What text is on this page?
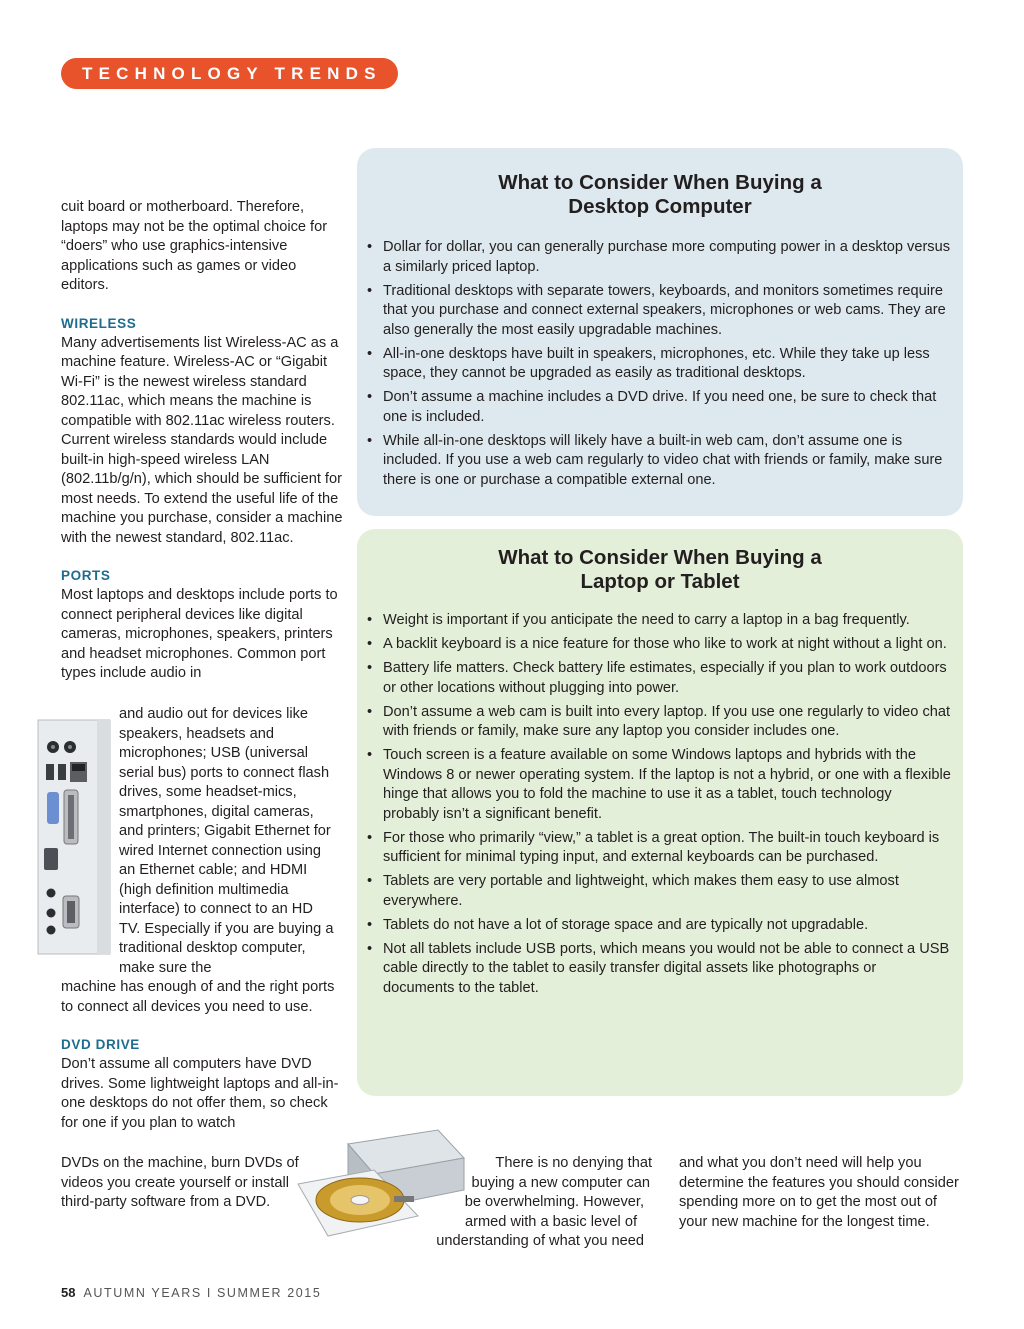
TECHNOLOGY TRENDS

cuit board or motherboard. Therefore, laptops may not be the optimal choice for “doers” who use graphics-intensive applications such as games or video editors.

WIRELESS

Many advertisements list Wireless-AC as a machine feature. Wireless-AC or “Gigabit Wi-Fi” is the newest wireless standard 802.11ac, which means the machine is compatible with 802.11ac wireless routers. Current wireless standards would include built-in high-speed wireless LAN (802.11b/g/n), which should be sufficient for most needs. To extend the useful life of the machine you purchase, consider a machine with the newest standard, 802.11ac.

PORTS

Most laptops and desktops include ports to connect peripheral devices like digital cameras, microphones, speakers, printers and headset microphones. Common port types include audio in

and audio out for devices like speakers, headsets and microphones; USB (universal serial bus) ports to connect flash drives, some headset-mics, smartphones, digital cameras, and printers; Gigabit Ethernet for wired Internet connection using an Ethernet cable; and HDMI (high definition multimedia interface) to connect to an HD TV. Especially if you are buying a traditional desktop computer, make sure the

machine has enough of and the right ports to connect all devices you need to use.

DVD DRIVE

Don’t assume all computers have DVD drives. Some lightweight laptops and all-in-one desktops do not offer them, so check for one if you plan to watch

DVDs on the machine, burn DVDs of videos you create yourself or install third-party software from a DVD.
What to Consider When Buying a
Desktop Computer
• Dollar for dollar, you can generally purchase more computing power in a desktop versus a similarly priced laptop.
• Traditional desktops with separate towers, keyboards, and monitors sometimes require that you purchase and connect external speakers, microphones or web cams. They are also generally the most easily upgradable machines.
• All-in-one desktops have built in speakers, microphones, etc. While they take up less space, they cannot be upgraded as easily as traditional desktops.
• Don’t assume a machine includes a DVD drive. If you need one, be sure to check that one is included.
• While all-in-one desktops will likely have a built-in web cam, don’t assume one is included. If you use a web cam regularly to video chat with friends or family, make sure there is one or purchase a compatible external one.
What to Consider When Buying a
Laptop or Tablet
• Weight is important if you anticipate the need to carry a laptop in a bag frequently.
• A backlit keyboard is a nice feature for those who like to work at night without a light on.
• Battery life matters. Check battery life estimates, especially if you plan to work outdoors or other locations without plugging into power.
• Don’t assume a web cam is built into every laptop. If you use one regularly to video chat with friends or family, make sure any laptop you consider includes one.
• Touch screen is a feature available on some Windows laptops and hybrids with the Windows 8 or newer operating system. If the laptop is not a hybrid, or one with a flexible hinge that allows you to fold the machine to use it as a tablet, touch technology probably isn’t a significant benefit.
• For those who primarily “view,” a tablet is a great option. The built-in touch keyboard is sufficient for minimal typing input, and external keyboards can be purchased.
• Tablets are very portable and lightweight, which makes them easy to use almost everywhere.
• Tablets do not have a lot of storage space and are typically not upgradable.
• Not all tablets include USB ports, which means you would not be able to connect a USB cable directly to the tablet to easily transfer digital assets like photographs or documents to the tablet.
There is no denying that
buying a new computer can
be overwhelming. However,
armed with a basic level of
understanding of what you need
and what you don’t need will help you determine the features you should consider spending more on to get the most out of your new machine for the longest time.
58 AUTUMN YEARS I SUMMER 2015
